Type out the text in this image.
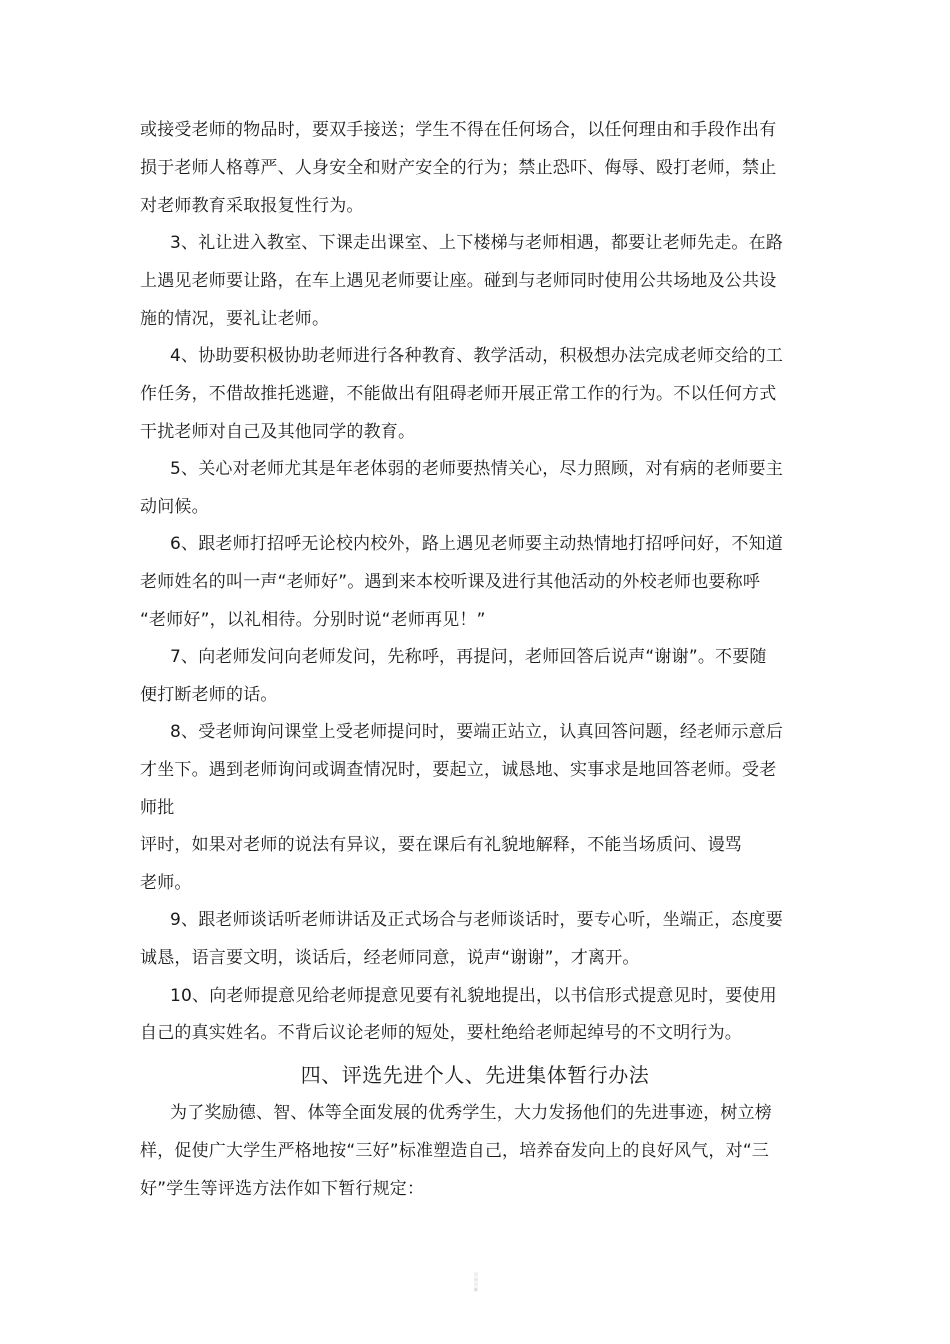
或接受老师的物品时，要双手接送；学生不得在任何场合，以任何理由和手段作出有
损于老师人格尊严、人身安全和财产安全的行为；禁止恐吓、侮辱、殴打老师，禁止
对老师教育采取报复性行为。
3、礼让进入教室、下课走出课室、上下楼梯与老师相遇，都要让老师先走。在路
上遇见老师要让路，在车上遇见老师要让座。碰到与老师同时使用公共场地及公共设
施的情况，要礼让老师。
4、协助要积极协助老师进行各种教育、教学活动，积极想办法完成老师交给的工
作任务，不借故推托逃避，不能做出有阻碍老师开展正常工作的行为。不以任何方式
干扰老师对自己及其他同学的教育。
5、关心对老师尤其是年老体弱的老师要热情关心，尽力照顾，对有病的老师要主
动问候。
6、跟老师打招呼无论校内校外，路上遇见老师要主动热情地打招呼问好，不知道
老师姓名的叫一声“老师好”。遇到来本校听课及进行其他活动的外校老师也要称呼
“老师好”，以礼相待。分别时说“老师再见！”
7、向老师发问向老师发问，先称呼，再提问，老师回答后说声“谢谢”。不要随
便打断老师的话。
8、受老师询问课堂上受老师提问时，要端正站立，认真回答问题，经老师示意后
才坐下。遇到老师询问或调查情况时，要起立，诚恳地、实事求是地回答老师。受老
师批
评时，如果对老师的说法有异议，要在课后有礼貌地解释，不能当场质问、谩骂
老师。
9、跟老师谈话听老师讲话及正式场合与老师谈话时，要专心听，坐端正，态度要
诚恳，语言要文明，谈话后，经老师同意，说声“谢谢”，才离开。
10、向老师提意见给老师提意见要有礼貌地提出，以书信形式提意见时，要使用
自己的真实姓名。不背后议论老师的短处，要杜绝给老师起绰号的不文明行为。
四、评选先进个人、先进集体暂行办法
为了奖励德、智、体等全面发展的优秀学生，大力发扬他们的先进事迹，树立榜
样，促使广大学生严格地按“三好”标准塑造自己，培养奋发向上的良好风气，对“三
好”学生等评选方法作如下暂行规定：
页眉页脚
